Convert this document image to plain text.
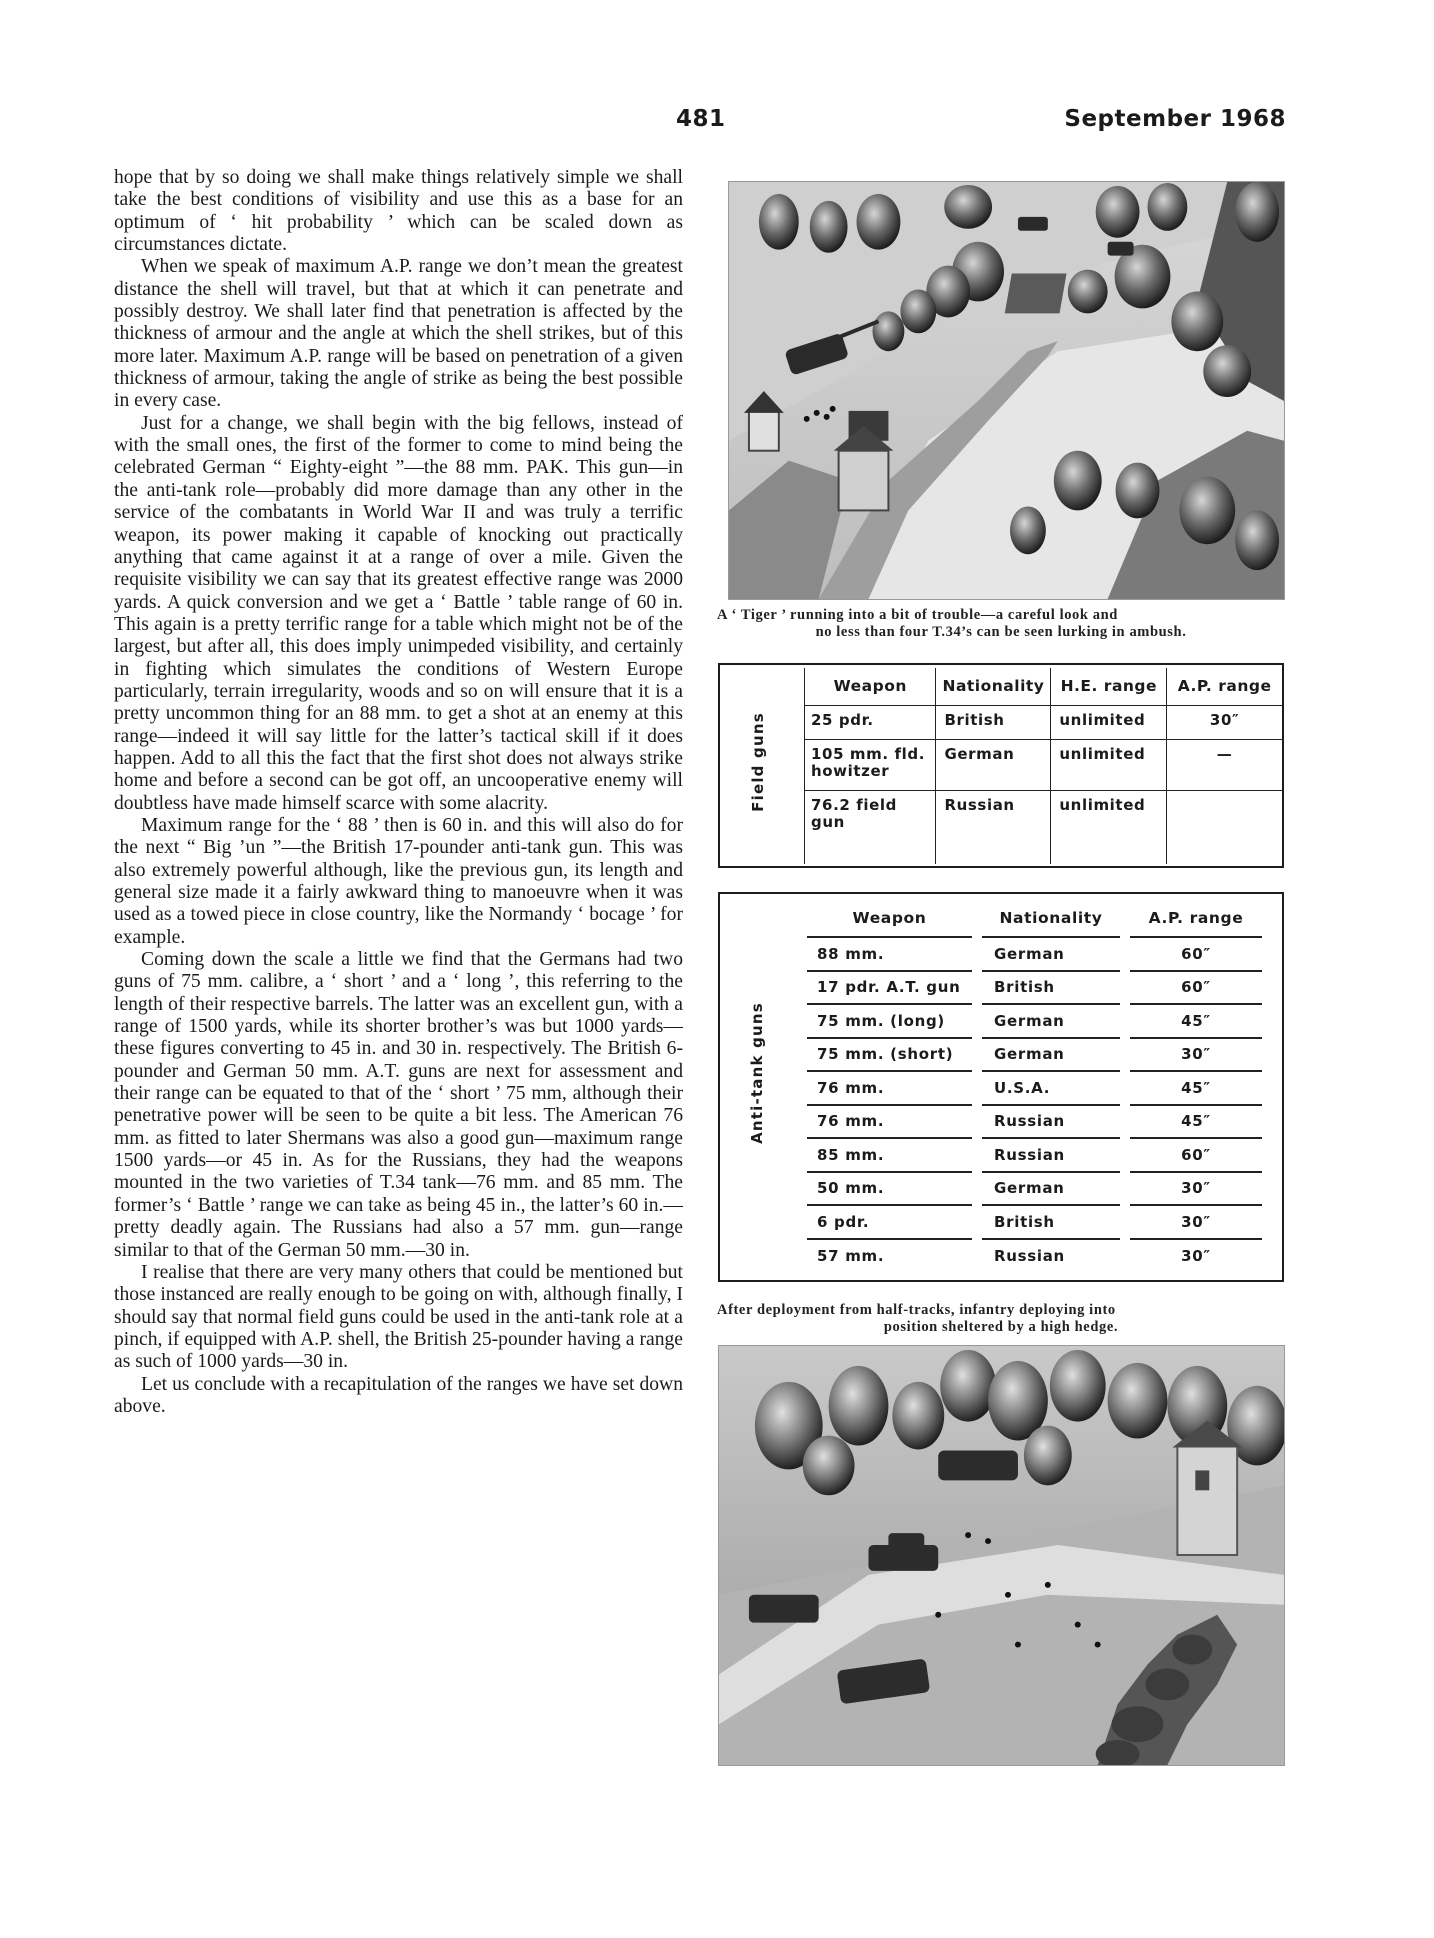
481	September 1968

hope that by so doing we shall make things relatively simple we shall take the best conditions of visibility and use this as a base for an optimum of ‘ hit probability ’ which can be scaled down as circumstances dictate.

When we speak of maximum A.P. range we don’t mean the greatest distance the shell will travel, but that at which it can penetrate and possibly destroy. We shall later find that penetration is affected by the thickness of armour and the angle at which the shell strikes, but of this more later. Maximum A.P. range will be based on penetration of a given thickness of armour, taking the angle of strike as being the best possible in every case.

Just for a change, we shall begin with the big fellows, instead of with the small ones, the first of the former to come to mind being the celebrated German “ Eighty-eight ”—the 88 mm. PAK. This gun—in the anti-tank role—probably did more damage than any other in the service of the combatants in World War II and was truly a terrific weapon, its power making it capable of knocking out practically anything that came against it at a range of over a mile. Given the requisite visibility we can say that its greatest effective range was 2000 yards. A quick conversion and we get a ‘ Battle ’ table range of 60 in. This again is a pretty terrific range for a table which might not be of the largest, but after all, this does imply unimpeded visibility, and certainly in fighting which simulates the conditions of Western Europe particularly, terrain irregularity, woods and so on will ensure that it is a pretty uncommon thing for an 88 mm. to get a shot at an enemy at this range—indeed it will say little for the latter’s tactical skill if it does happen. Add to all this the fact that the first shot does not always strike home and before a second can be got off, an uncooperative enemy will doubtless have made himself scarce with some alacrity.

Maximum range for the ‘ 88 ’ then is 60 in. and this will also do for the next “ Big ’un ”—the British 17-pounder anti-tank gun. This was also extremely powerful although, like the previous gun, its length and general size made it a fairly awkward thing to manoeuvre when it was used as a towed piece in close country, like the Normandy ‘ bocage ’ for example.

Coming down the scale a little we find that the Germans had two guns of 75 mm. calibre, a ‘ short ’ and a ‘ long ’, this referring to the length of their respective barrels. The latter was an excellent gun, with a range of 1500 yards, while its shorter brother’s was but 1000 yards—these figures converting to 45 in. and 30 in. respectively. The British 6-pounder and German 50 mm. A.T. guns are next for assessment and their range can be equated to that of the ‘ short ’ 75 mm, although their penetrative power will be seen to be quite a bit less. The American 76 mm. as fitted to later Shermans was also a good gun—maximum range 1500 yards—or 45 in. As for the Russians, they had the weapons mounted in the two varieties of T.34 tank—76 mm. and 85 mm. The former’s ‘ Battle ’ range we can take as being 45 in., the latter’s 60 in.—pretty deadly again. The Russians had also a 57 mm. gun—range similar to that of the German 50 mm.—30 in.

I realise that there are very many others that could be mentioned but those instanced are really enough to be going on with, although finally, I should say that normal field guns could be used in the anti-tank role at a pinch, if equipped with A.P. shell, the British 25-pounder having a range as such of 1000 yards—30 in.

Let us conclude with a recapitulation of the ranges we have set down above.

A ‘ Tiger ’ running into a bit of trouble—a careful look and
no less than four T.34’s can be seen lurking in ambush.
Field guns
Weapon	Nationality	H.E. range	A.P. range
25 pdr.	British	unlimited	30″
105 mm. fld. howitzer	German	unlimited	—
76.2 field gun	Russian	unlimited	
Anti-tank guns
Weapon		Nationality		A.P. range
88 mm.		German		60″
17 pdr. A.T. gun		British		60″
75 mm. (long)		German		45″
75 mm. (short)		German		30″
76 mm.		U.S.A.		45″
76 mm.		Russian		45″
85 mm.		Russian		60″
50 mm.		German		30″
6 pdr.		British		30″
57 mm.		Russian		30″
After deployment from half-tracks, infantry deploying into
position sheltered by a high hedge.
